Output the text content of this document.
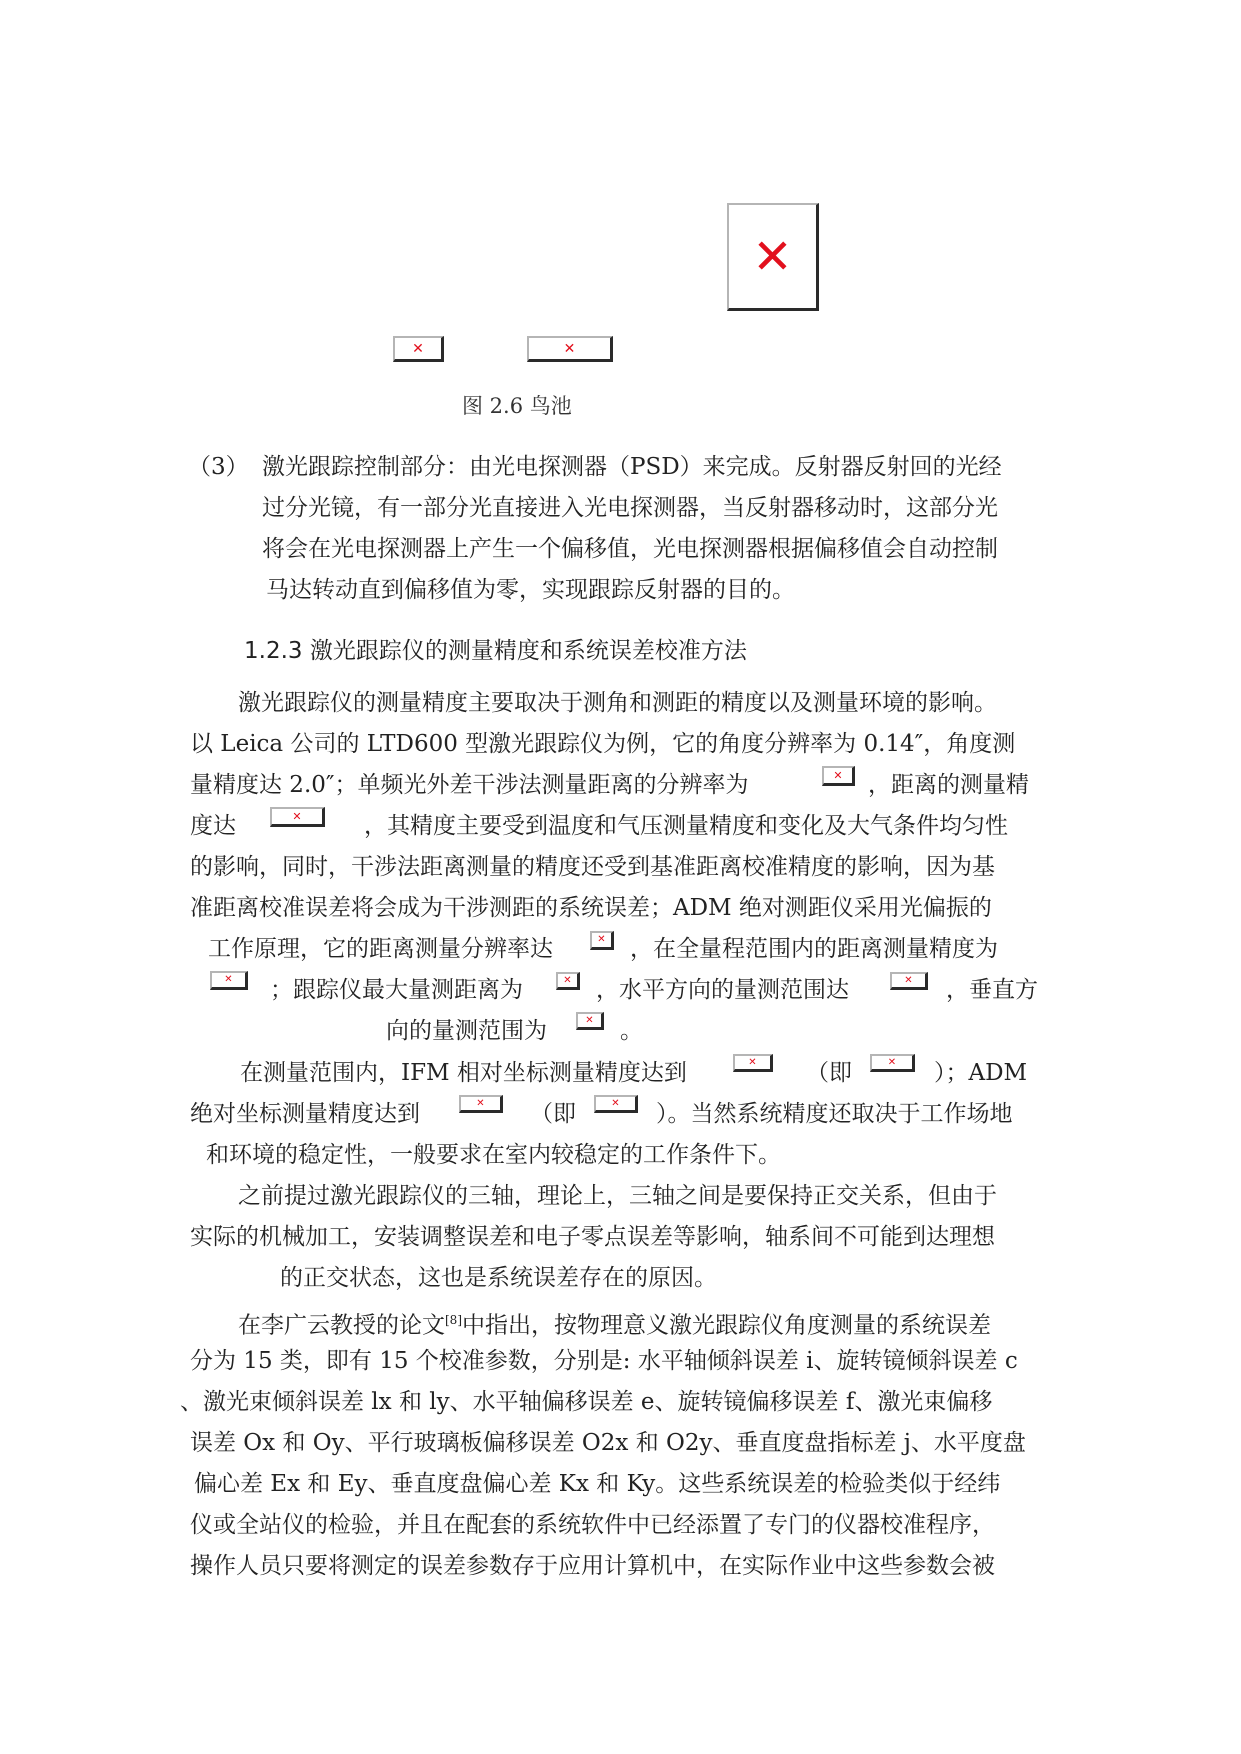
✕
✕	✕
图 2.6 鸟池
（3） 激光跟踪控制部分：由光电探测器（PSD）来完成。反射器反射回的光经
过分光镜，有一部分光直接进入光电探测器，当反射器移动时，这部分光
将会在光电探测器上产生一个偏移值，光电探测器根据偏移值会自动控制
马达转动直到偏移值为零，实现跟踪反射器的目的。
1.2.3 激光跟踪仪的测量精度和系统误差校准方法
激光跟踪仪的测量精度主要取决于测角和测距的精度以及测量环境的影响。
以 Leica 公司的 LTD600 型激光跟踪仪为例，它的角度分辨率为 0.14″，角度测
量精度达 2.0″；单频光外差干涉法测量距离的分辨率为	✕	，距离的测量精
度达	✕	，其精度主要受到温度和气压测量精度和变化及大气条件均匀性
的影响，同时，干涉法距离测量的精度还受到基准距离校准精度的影响，因为基
准距离校准误差将会成为干涉测距的系统误差；ADM 绝对测距仪采用光偏振的
工作原理，它的距离测量分辨率达	✕ ，在全量程范围内的距离测量精度为
✕	；跟踪仪最大量测距离为	✕ ，水平方向的量测范围达	✕	，垂直方
向的量测范围为	✕	。
在测量范围内，IFM 相对坐标测量精度达到	✕	（即	✕	）；ADM
绝对坐标测量精度达到	✕	（即	✕	）。当然系统精度还取决于工作场地
和环境的稳定性，一般要求在室内较稳定的工作条件下。
之前提过激光跟踪仪的三轴，理论上，三轴之间是要保持正交关系，但由于
实际的机械加工，安装调整误差和电子零点误差等影响，轴系间不可能到达理想
的正交状态，这也是系统误差存在的原因。
在李广云教授的论文[8]中指出，按物理意义激光跟踪仪角度测量的系统误差
分为 15 类，即有 15 个校准参数，分别是: 水平轴倾斜误差 i、旋转镜倾斜误差 c
、激光束倾斜误差 lx 和 ly、水平轴偏移误差 e、旋转镜偏移误差 f、激光束偏移
误差 Ox 和 Oy、平行玻璃板偏移误差 O2x 和 O2y、垂直度盘指标差 j、水平度盘
偏心差 Ex 和 Ey、垂直度盘偏心差 Kx 和 Ky。这些系统误差的检验类似于经纬
仪或全站仪的检验，并且在配套的系统软件中已经添置了专门的仪器校准程序，
操作人员只要将测定的误差参数存于应用计算机中，在实际作业中这些参数会被
